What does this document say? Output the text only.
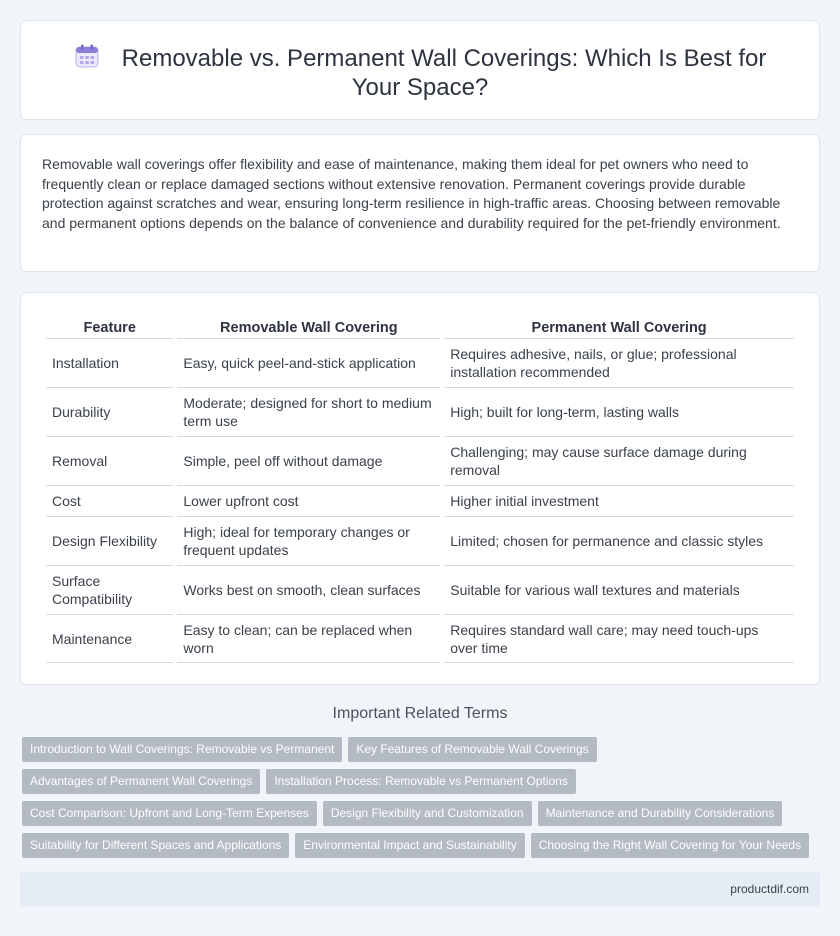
Removable vs. Permanent Wall Coverings: Which Is Best for Your Space?

Removable wall coverings offer flexibility and ease of maintenance, making them ideal for pet owners who need to frequently clean or replace damaged sections without extensive renovation. Permanent coverings provide durable protection against scratches and wear, ensuring long-term resilience in high-traffic areas. Choosing between removable and permanent options depends on the balance of convenience and durability required for the pet-friendly environment.

Feature	Removable Wall Covering	Permanent Wall Covering
Installation	Easy, quick peel-and-stick application	Requires adhesive, nails, or glue; professional installation recommended
Durability	Moderate; designed for short to medium term use	High; built for long-term, lasting walls
Removal	Simple, peel off without damage	Challenging; may cause surface damage during removal
Cost	Lower upfront cost	Higher initial investment
Design Flexibility	High; ideal for temporary changes or frequent updates	Limited; chosen for permanence and classic styles
Surface Compatibility	Works best on smooth, clean surfaces	Suitable for various wall textures and materials
Maintenance	Easy to clean; can be replaced when worn	Requires standard wall care; may need touch-ups over time
Important Related Terms
Introduction to Wall Coverings: Removable vs Permanent Key Features of Removable Wall Coverings
Advantages of Permanent Wall Coverings Installation Process: Removable vs Permanent Options
Cost Comparison: Upfront and Long-Term Expenses Design Flexibility and Customization Maintenance and Durability Considerations
Suitability for Different Spaces and Applications Environmental Impact and Sustainability Choosing the Right Wall Covering for Your Needs
productdif.com
